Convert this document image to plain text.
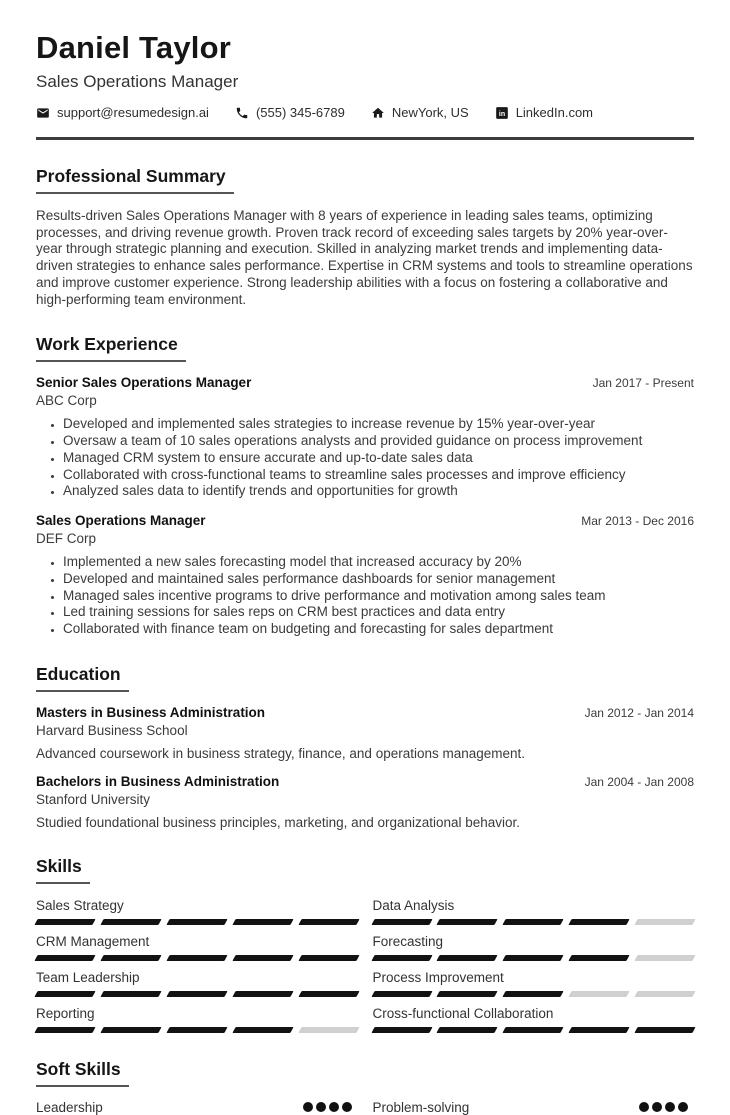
Daniel Taylor
Sales Operations Manager
support@resumedesign.ai	(555) 345-6789	NewYork, US in LinkedIn.com
Professional Summary

Results-driven Sales Operations Manager with 8 years of experience in leading sales teams, optimizing processes, and driving revenue growth. Proven track record of exceeding sales targets by 20% year-over-year through strategic planning and execution. Skilled in analyzing market trends and implementing data-driven strategies to enhance sales performance. Expertise in CRM systems and tools to streamline operations and improve customer experience. Strong leadership abilities with a focus on fostering a collaborative and high-performing team environment.

Work Experience
Senior Sales Operations Manager	Jan 2017 - Present
ABC Corp
• Developed and implemented sales strategies to increase revenue by 15% year-over-year
• Oversaw a team of 10 sales operations analysts and provided guidance on process improvement
• Managed CRM system to ensure accurate and up-to-date sales data
• Collaborated with cross-functional teams to streamline sales processes and improve efficiency
• Analyzed sales data to identify trends and opportunities for growth
Sales Operations Manager	Mar 2013 - Dec 2016
DEF Corp
• Implemented a new sales forecasting model that increased accuracy by 20%
• Developed and maintained sales performance dashboards for senior management
• Managed sales incentive programs to drive performance and motivation among sales team
• Led training sessions for sales reps on CRM best practices and data entry
• Collaborated with finance team on budgeting and forecasting for sales department
Education
Masters in Business Administration	Jan 2012 - Jan 2014
Harvard Business School
Advanced coursework in business strategy, finance, and operations management.
Bachelors in Business Administration	Jan 2004 - Jan 2008
Stanford University
Studied foundational business principles, marketing, and organizational behavior.
Skills
Sales Strategy	Data Analysis
CRM Management	Forecasting
Team Leadership	Process Improvement
Reporting	Cross-functional Collaboration
Soft Skills
Leadership	Problem-solving
